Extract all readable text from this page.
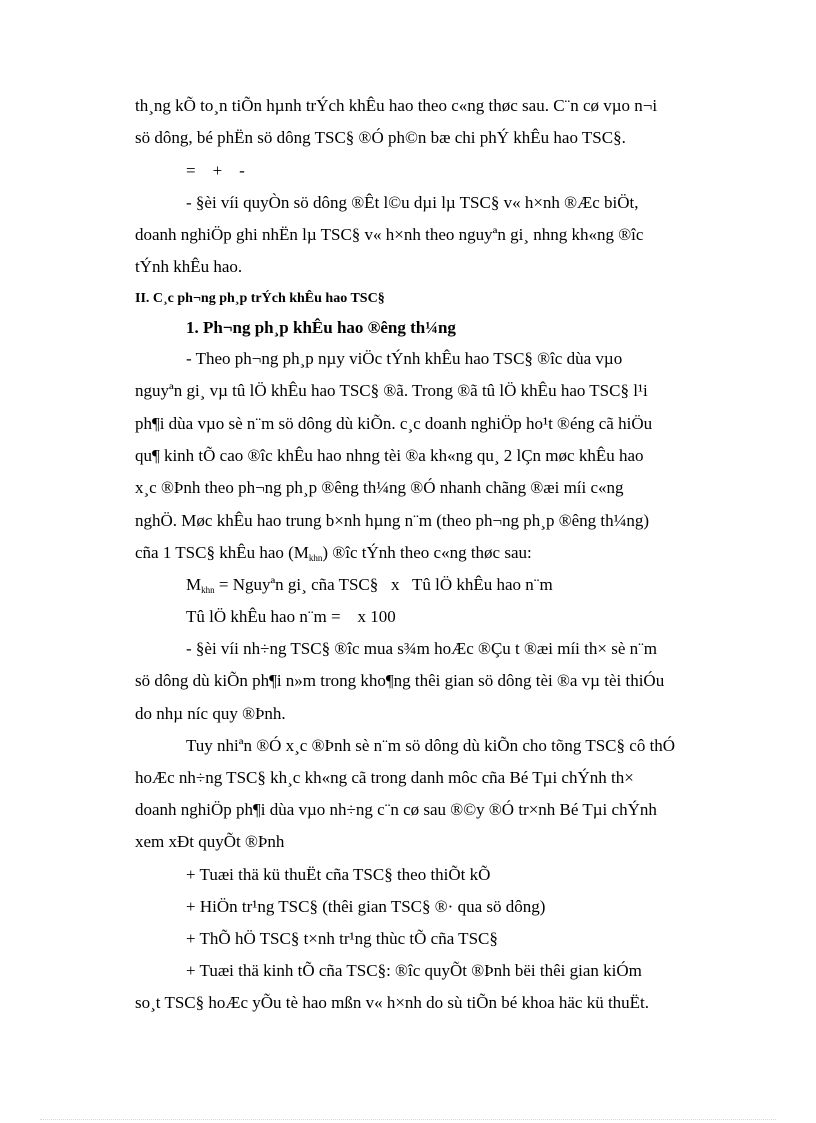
th¸ng kÕ to¸n tiÕn hµnh trÝch khÊu hao theo c«ng thøc sau. C¨n cø vµo n¬i
sö dông, bé phËn sö dông TSC§ ®Ó ph©n bæ chi phÝ khÊu hao TSC§.
=    +    -
- §èi víi quyÒn sö dông ®Êt l©u dµi lµ TSC§ v« h×nh ®Æc biÖt,
doanh nghiÖp ghi nhËn lµ TSC§ v« h×nh theo nguyªn gi¸ nhng kh«ng ®îc
tÝnh khÊu hao.
II. C¸c ph¬ng ph¸p trÝch khÊu hao TSC§
1. Ph¬ng ph¸p khÊu hao ®êng th¼ng
- Theo ph¬ng ph¸p nµy viÖc tÝnh khÊu hao TSC§ ®îc dùa vµo
nguyªn gi¸ vµ tû lÖ khÊu hao TSC§ ®ã. Trong ®ã tû lÖ khÊu hao TSC§ l¹i
ph¶i dùa vµo sè n¨m sö dông dù kiÕn. c¸c doanh nghiÖp ho¹t ®éng cã hiÖu
qu¶ kinh tÕ cao ®îc khÊu hao nhng tèi ®a kh«ng qu¸ 2 lÇn møc khÊu hao
x¸c ®Þnh theo ph¬ng ph¸p ®êng th¼ng ®Ó nhanh chãng ®æi míi c«ng
nghÖ. Møc khÊu hao trung b×nh hµng n¨m (theo ph¬ng ph¸p ®êng th¼ng)
cña 1 TSC§ khÊu hao $(M_{khn})$ ®îc tÝnh theo c«ng thøc sau:
$M_{khn}$ = Nguyªn gi¸ cña TSC§   x   Tû lÖ khÊu hao n¨m
Tû lÖ khÊu hao n¨m =    x 100
- §èi víi nh÷ng TSC§ ®îc mua s¾m hoÆc ®Çu t ®æi míi th× sè n¨m
sö dông dù kiÕn ph¶i n»m trong kho¶ng thêi gian sö dông tèi ®a vµ tèi thiÓu
do nhµ níc quy ®Þnh.
Tuy nhiªn ®Ó x¸c ®Þnh sè n¨m sö dông dù kiÕn cho tõng TSC§ cô thÓ
hoÆc nh÷ng TSC§ kh¸c kh«ng cã trong danh môc cña Bé Tµi chÝnh th×
doanh nghiÖp ph¶i dùa vµo nh÷ng c¨n cø sau ®©y ®Ó tr×nh Bé Tµi chÝnh
xem xÐt quyÕt ®Þnh
+ Tuæi thä kü thuËt cña TSC§ theo thiÕt kÕ
+ HiÖn tr¹ng TSC§ (thêi gian TSC§ ®· qua sö dông)
+ ThÕ hÖ TSC§ t×nh tr¹ng thùc tÕ cña TSC§
+ Tuæi thä kinh tÕ cña TSC§: ®îc quyÕt ®Þnh bëi thêi gian kiÓm
so¸t TSC§ hoÆc yÕu tè hao mßn v« h×nh do sù tiÕn bé khoa häc kü thuËt.
